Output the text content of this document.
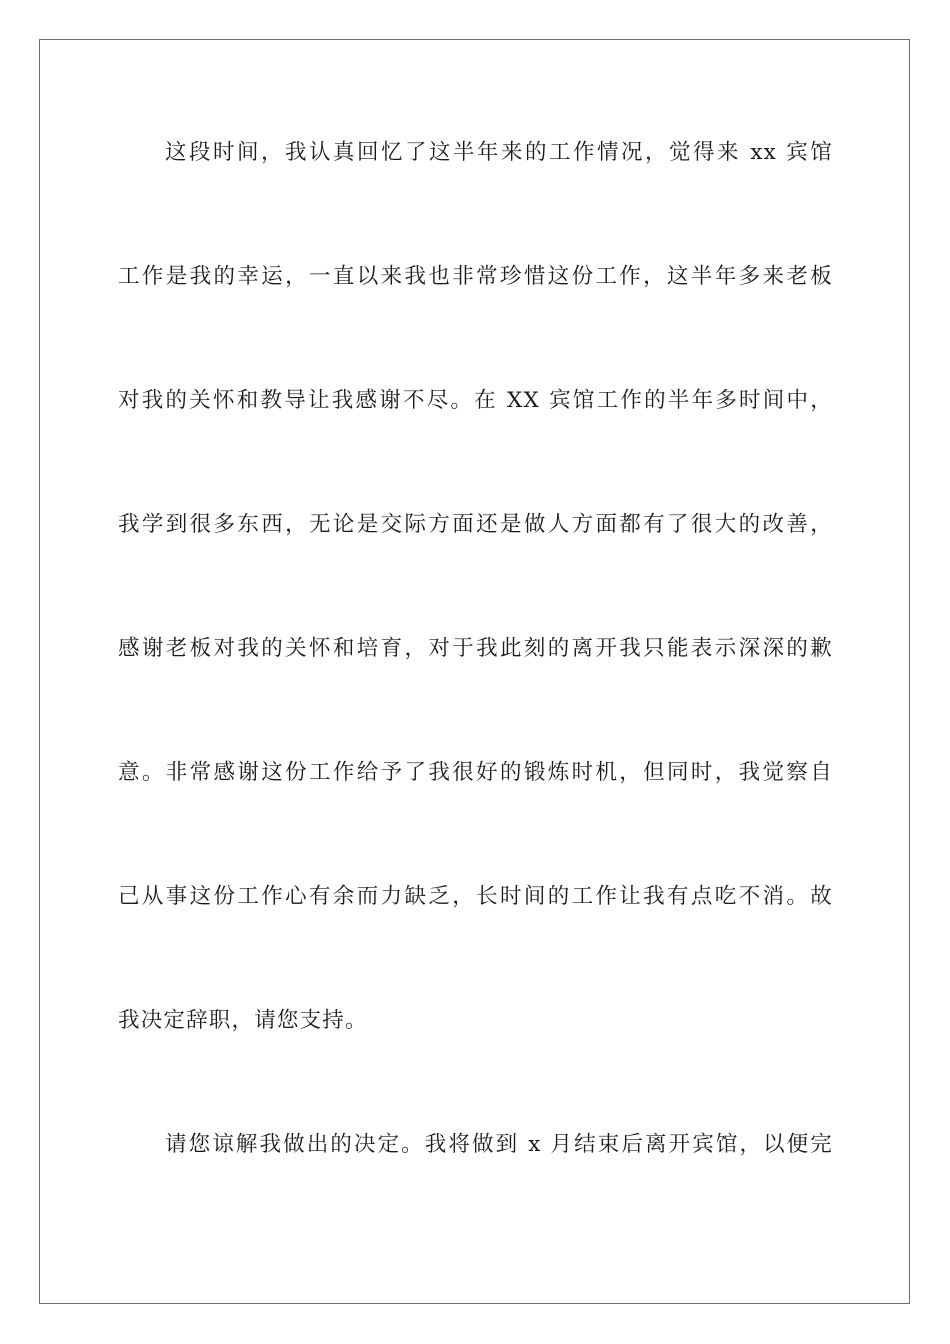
这段时间，我认真回忆了这半年来的工作情况，觉得来 xx 宾馆
工作是我的幸运，一直以来我也非常珍惜这份工作，这半年多来老板
对我的关怀和教导让我感谢不尽。在 XX 宾馆工作的半年多时间中，
我学到很多东西，无论是交际方面还是做人方面都有了很大的改善，
感谢老板对我的关怀和培育，对于我此刻的离开我只能表示深深的歉
意。非常感谢这份工作给予了我很好的锻炼时机，但同时，我觉察自
己从事这份工作心有余而力缺乏，长时间的工作让我有点吃不消。故
我决定辞职，请您支持。
请您谅解我做出的决定。我将做到 x 月结束后离开宾馆，以便完
